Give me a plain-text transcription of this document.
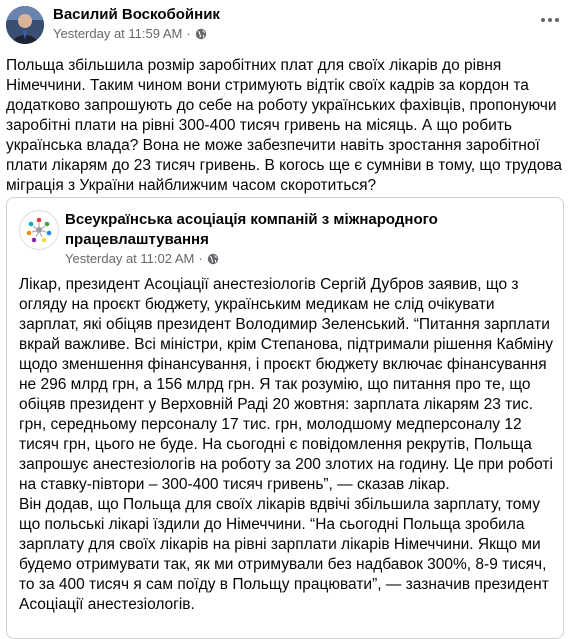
Василий Воскобойник
Yesterday at 11:59 AM ·
Польща збільшила розмір заробітних плат для своїх лікарів до рівня Німеччини. Таким чином вони стримують відтік своїх кадрів за кордон та додатково запрошують до себе на роботу українських фахівців, пропонуючи заробітні плати на рівні 300-400 тисяч гривень на місяць. А що робить українська влада? Вона не може забезпечити навіть зростання заробітної плати лікарям до 23 тисяч гривень. В когось ще є сумніви в тому, що трудова міграція з України найближчим часом скоротиться?
Всеукраїнська асоціація компаній з міжнародного працевлаштування
Yesterday at 11:02 AM ·
Лікар, президент Асоціації анестезіологів Сергій Дубров заявив, що з огляду на проєкт бюджету, українським медикам не слід очікувати зарплат, які обіцяв президент Володимир Зеленський. “Питання зарплати вкрай важливе. Всі міністри, крім Степанова, підтримали рішення Кабміну щодо зменшення фінансування, і проєкт бюджету включає фінансування не 296 млрд грн, а 156 млрд грн. Я так розумію, що питання про те, що обіцяв президент у Верховній Раді 20 жовтня: зарплата лікарям 23 тис. грн, середньому персоналу 17 тис. грн, молодшому медперсоналу 12 тисяч грн, цього не буде. На сьогодні є повідомлення рекрутів, Польща запрошує анестезіологів на роботу за 200 злотих на годину. Це при роботі на ставку-півтори – 300-400 тисяч гривень”, — сказав лікар.
Він додав, що Польща для своїх лікарів вдвічі збільшила зарплату, тому що польські лікарі їздили до Німеччини. “На сьогодні Польща зробила зарплату для своїх лікарів на рівні зарплати лікарів Німеччини. Якщо ми будемо отримувати так, як ми отримували без надбавок 300%, 8-9 тисяч, то за 400 тисяч я сам поїду в Польщу працювати”, — зазначив президент Асоціації анестезіологів.
